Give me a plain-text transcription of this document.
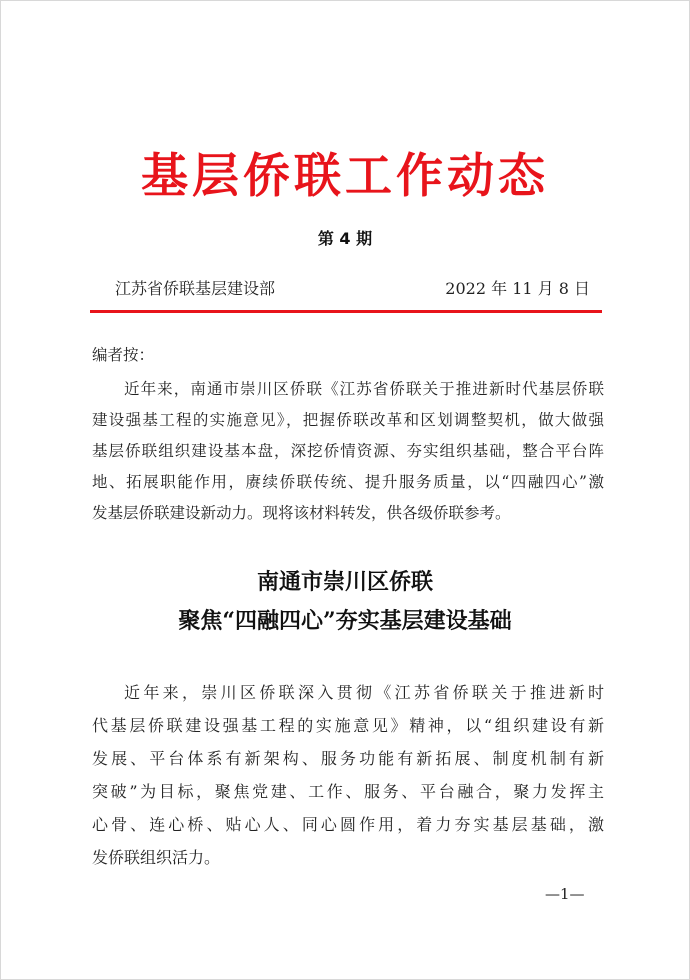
基层侨联工作动态
第 4 期
江苏省侨联基层建设部	2022 年 11 月 8 日
编者按：
近年来，南通市崇川区侨联《江苏省侨联关于推进新时代基层侨联
建设强基工程的实施意见》，把握侨联改革和区划调整契机，做大做强
基层侨联组织建设基本盘，深挖侨情资源、夯实组织基础，整合平台阵
地、拓展职能作用，赓续侨联传统、提升服务质量，以“四融四心”激
发基层侨联建设新动力。现将该材料转发，供各级侨联参考。
南通市崇川区侨联
聚焦“四融四心”夯实基层建设基础
近年来，崇川区侨联深入贯彻《江苏省侨联关于推进新时
代基层侨联建设强基工程的实施意见》精神，以“组织建设有新
发展、平台体系有新架构、服务功能有新拓展、制度机制有新
突破”为目标，聚焦党建、工作、服务、平台融合，聚力发挥主
心骨、连心桥、贴心人、同心圆作用，着力夯实基层基础，激
发侨联组织活力。
—1—
